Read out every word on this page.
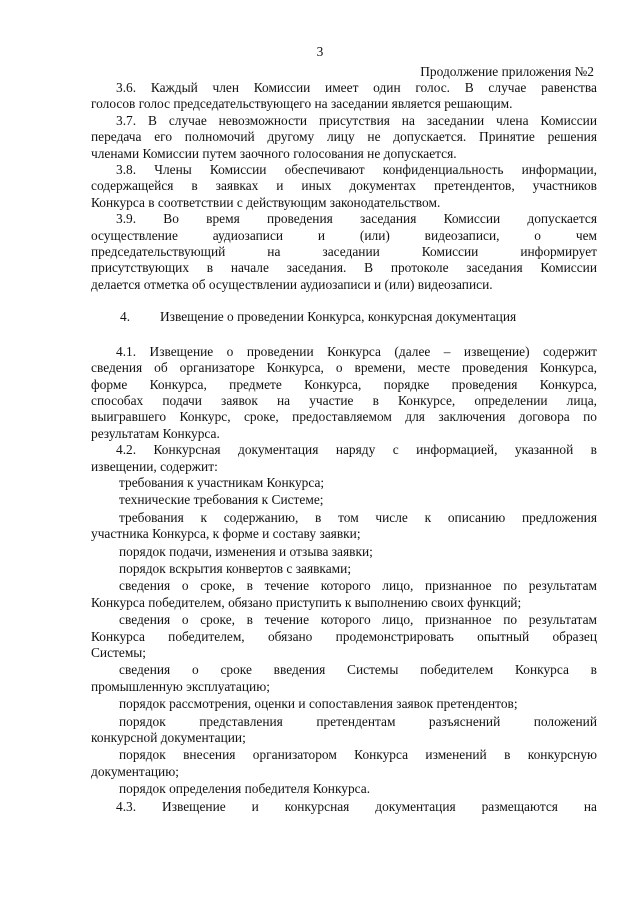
3
Продолжение приложения №2
3.6. Каждый член Комиссии имеет один голос. В случае равенства
голосов голос председательствующего на заседании является решающим.
3.7. В случае невозможности присутствия на заседании члена Комиссии
передача его полномочий другому лицу не допускается. Принятие решения
членами Комиссии путем заочного голосования не допускается.
3.8. Члены Комиссии обеспечивают конфиденциальность информации,
содержащейся в заявках и иных документах претендентов, участников
Конкурса в соответствии с действующим законодательством.
3.9. Во время проведения заседания Комиссии допускается
осуществление аудиозаписи и (или) видеозаписи, о чем
председательствующий на заседании Комиссии информирует
присутствующих в начале заседания. В протоколе заседания Комиссии
делается отметка об осуществлении аудиозаписи и (или) видеозаписи.
4. Извещение о проведении Конкурса, конкурсная документация
4.1. Извещение о проведении Конкурса (далее – извещение) содержит
сведения об организаторе Конкурса, о времени, месте проведения Конкурса,
форме Конкурса, предмете Конкурса, порядке проведения Конкурса,
способах подачи заявок на участие в Конкурсе, определении лица,
выигравшего Конкурс, сроке, предоставляемом для заключения договора по
результатам Конкурса.
4.2. Конкурсная документация наряду с информацией, указанной в
извещении, содержит:
требования к участникам Конкурса;
технические требования к Системе;
требования к содержанию, в том числе к описанию предложения
участника Конкурса, к форме и составу заявки;
порядок подачи, изменения и отзыва заявки;
порядок вскрытия конвертов с заявками;
сведения о сроке, в течение которого лицо, признанное по результатам
Конкурса победителем, обязано приступить к выполнению своих функций;
сведения о сроке, в течение которого лицо, признанное по результатам
Конкурса победителем, обязано продемонстрировать опытный образец
Системы;
сведения о сроке введения Системы победителем Конкурса в
промышленную эксплуатацию;
порядок рассмотрения, оценки и сопоставления заявок претендентов;
порядок представления претендентам разъяснений положений
конкурсной документации;
порядок внесения организатором Конкурса изменений в конкурсную
документацию;
порядок определения победителя Конкурса.
4.3. Извещение и конкурсная документация размещаются на
